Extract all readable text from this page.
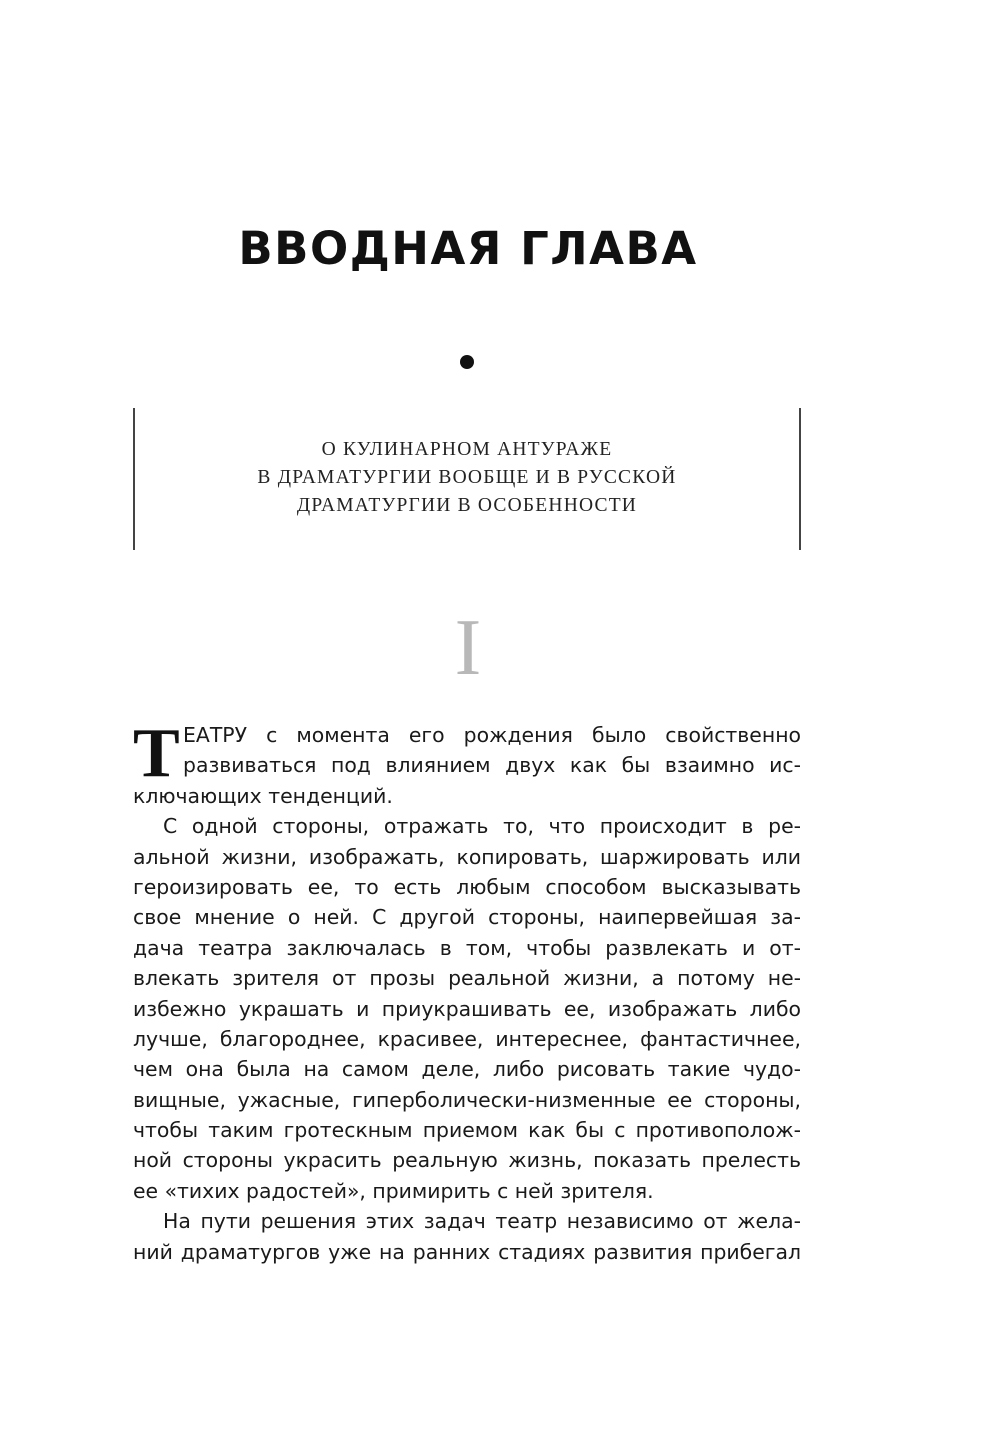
ВВОДНАЯ ГЛАВА
О КУЛИНАРНОМ АНТУРАЖЕ
В ДРАМАТУРГИИ ВООБЩЕ И В РУССКОЙ
ДРАМАТУРГИИ В ОСОБЕННОСТИ
I
Т ЕАТРУ с момента его рождения было свойственно
развиваться под влиянием двух как бы взаимно ис-
ключающих тенденций.
С одной стороны, отражать то, что происходит в ре-
альной жизни, изображать, копировать, шаржировать или
героизировать ее, то есть любым способом высказывать
свое мнение о ней. С другой стороны, наипервейшая за-
дача театра заключалась в том, чтобы развлекать и от-
влекать зрителя от прозы реальной жизни, а потому не-
избежно украшать и приукрашивать ее, изображать либо
лучше, благороднее, красивее, интереснее, фантастичнее,
чем она была на самом деле, либо рисовать такие чудо-
вищные, ужасные, гиперболически-низменные ее стороны,
чтобы таким гротескным приемом как бы с противополож-
ной стороны украсить реальную жизнь, показать прелесть
ее «тихих радостей», примирить с ней зрителя.
На пути решения этих задач театр независимо от жела-
ний драматургов уже на ранних стадиях развития прибегал
